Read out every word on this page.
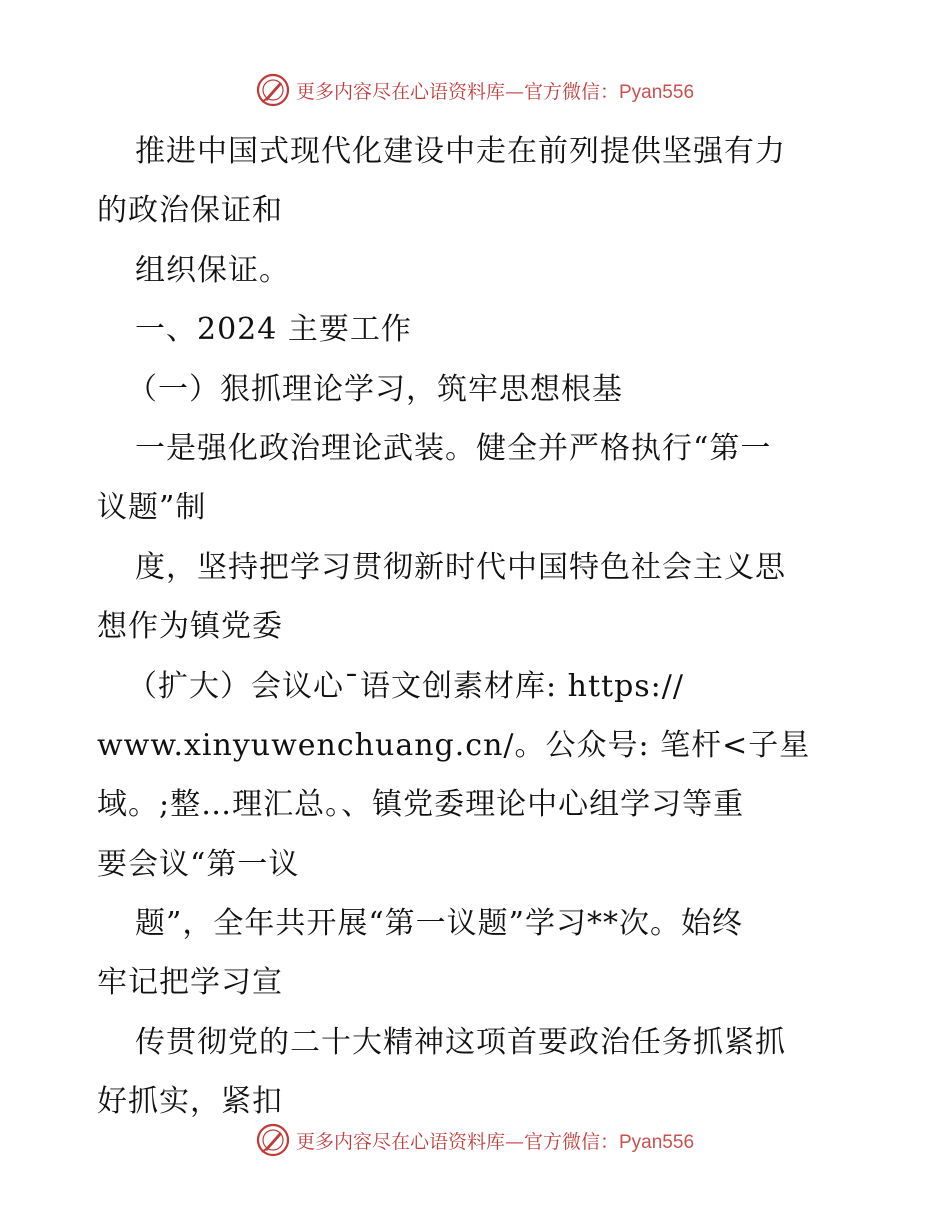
更多内容尽在心语资料库—官方微信：Pyan556
推进中国式现代化建设中走在前列提供坚强有力
的政治保证和
组织保证。
一、2024 主要工作
（一）狠抓理论学习，筑牢思想根基
一是强化政治理论武装。健全并严格执行“第一
议题”制
度，坚持把学习贯彻新时代中国特色社会主义思
想作为镇党委
（扩大）会议心¯语文创素材库: https://
www.xinyuwenchuang.cn/。公众号: 笔杆<子星
域。;整…理汇总。、镇党委理论中心组学习等重
要会议“第一议
题”，全年共开展“第一议题”学习**次。始终
牢记把学习宣
传贯彻党的二十大精神这项首要政治任务抓紧抓
好抓实，紧扣
更多内容尽在心语资料库—官方微信：Pyan556
